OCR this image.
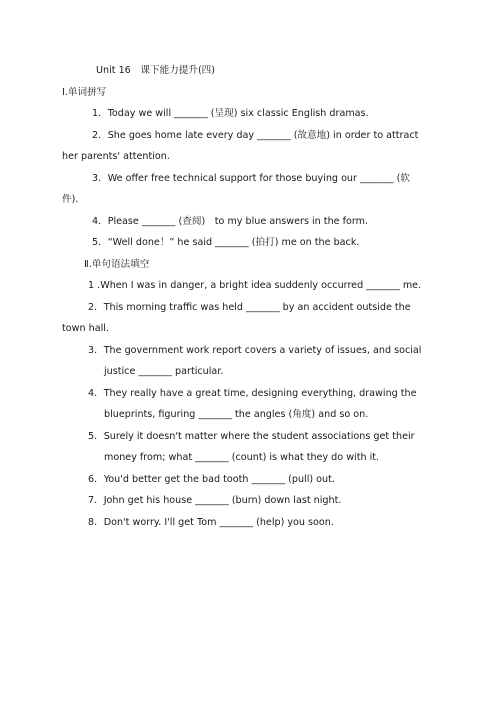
Unit 16　课下能力提升(四)
Ⅰ.单词拼写
1．Today we will _______ (呈现) six classic English dramas.
2．She goes home late every day _______ (故意地) in order to attract
her parents' attention.
3．We offer free technical support for those buying our _______ (软
件)．
4．Please _______ (查阅)　to my blue answers in the form.
5．“Well done！” he said _______ (拍打) me on the back.
Ⅱ.单句语法填空
1 .When I was in danger, a bright idea suddenly occurred _______ me.
2．This morning traffic was held _______ by an accident outside the
town hall.
3．The government work report covers a variety of issues, and social
justice _______ particular.
4．They really have a great time, designing everything, drawing the
blueprints, figuring _______ the angles (角度) and so on.
5．Surely it doesn't matter where the student associations get their
money from; what _______ (count) is what they do with it.
6．You'd better get the bad tooth _______ (pull) out.
7．John get his house _______ (burn) down last night.
8．Don't worry. I'll get Tom _______ (help) you soon.
